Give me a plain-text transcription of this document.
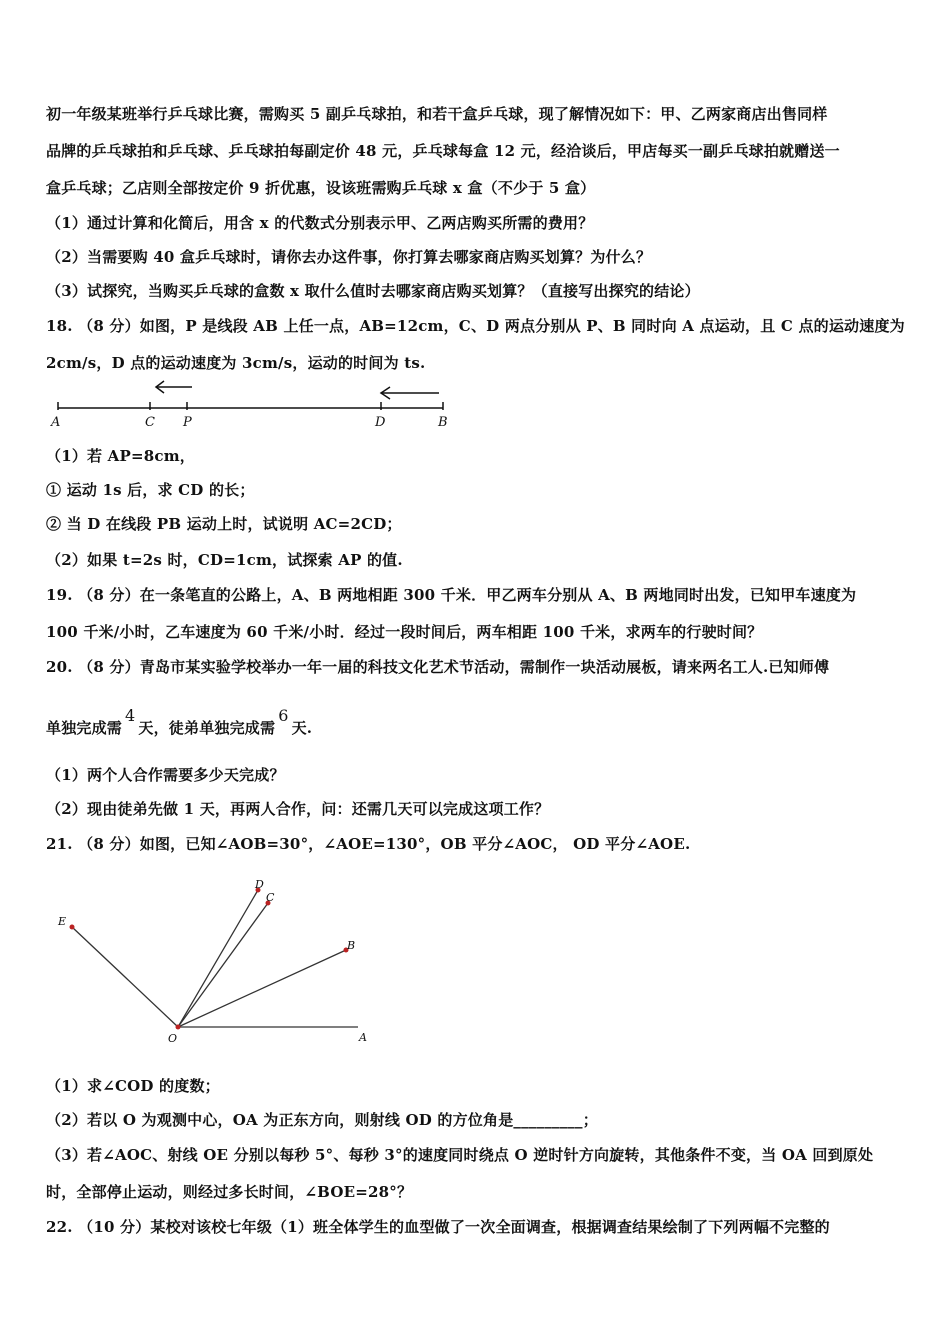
初一年级某班举行乒乓球比赛，需购买 5 副乒乓球拍，和若干盒乒乓球，现了解情况如下：甲、乙两家商店出售同样
品牌的乒乓球拍和乒乓球、乒乓球拍每副定价 48 元，乒乓球每盒 12 元，经洽谈后，甲店每买一副乒乓球拍就赠送一
盒乒乓球；乙店则全部按定价 9 折优惠，设该班需购乒乓球 x 盒（不少于 5 盒）
（1）通过计算和化简后，用含 x 的代数式分别表示甲、乙两店购买所需的费用？
（2）当需要购 40 盒乒乓球时，请你去办这件事，你打算去哪家商店购买划算？为什么？
（3）试探究，当购买乒乓球的盒数 x 取什么值时去哪家商店购买划算？（直接写出探究的结论）
18. （8 分）如图，P 是线段 AB 上任一点，AB=12cm，C、D 两点分别从 P、B 同时向 A 点运动，且 C 点的运动速度为
2cm/s，D 点的运动速度为 3cm/s，运动的时间为 ts.
A	C P	D	B
（1）若 AP=8cm，
① 运动 1s 后，求 CD 的长；
② 当 D 在线段 PB 运动上时，试说明 AC=2CD；
（2）如果 t=2s 时，CD=1cm，试探索 AP 的值.
19. （8 分）在一条笔直的公路上，A、B 两地相距 300 千米．甲乙两车分别从 A、B 两地同时出发，已知甲车速度为
100 千米/小时，乙车速度为 60 千米/小时．经过一段时间后，两车相距 100 千米，求两车的行驶时间？
20. （8 分）青岛市某实验学校举办一年一届的科技文化艺术节活动，需制作一块活动展板，请来两名工人.已知师傅
单独完成需4天，徒弟单独完成需6天.
（1）两个人合作需要多少天完成？
（2）现由徒弟先做 1 天，再两人合作，问：还需几天可以完成这项工作？
21. （8 分）如图，已知∠AOB=30°，∠AOE=130°，OB 平分∠AOC， OD 平分∠AOE.
E
D
C
B
O	A
（1）求∠COD 的度数；
（2）若以 O 为观测中心，OA 为正东方向，则射线 OD 的方位角是_________；
（3）若∠AOC、射线 OE 分别以每秒 5°、每秒 3°的速度同时绕点 O 逆时针方向旋转，其他条件不变，当 OA 回到原处
时，全部停止运动，则经过多长时间，∠BOE=28°？
22. （10 分）某校对该校七年级（1）班全体学生的血型做了一次全面调查，根据调查结果绘制了下列两幅不完整的
